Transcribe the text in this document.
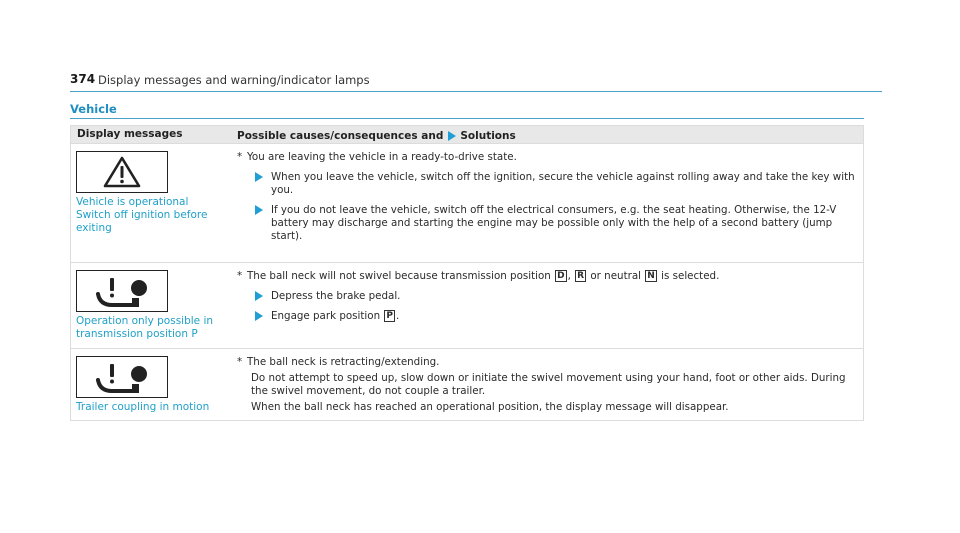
374 Display messages and warning/indicator lamps
Vehicle
Display messages	Possible causes/consequences and Solutions
Vehicle is operational
Switch off ignition before
exiting
* You are leaving the vehicle in a ready-to-drive state.
When you leave the vehicle, switch off the ignition, secure the vehicle against rolling away and take the key with you.
If you do not leave the vehicle, switch off the electrical consumers, e.g. the seat heating. Otherwise, the 12-V battery may discharge and starting the engine may be possible only with the help of a second battery (jump start).
Operation only possible in
transmission position P
* The ball neck will not swivel because transmission position D , R or neutral N is selected.
Depress the brake pedal.
Engage park position P .
Trailer coupling in motion
* The ball neck is retracting/extending.
Do not attempt to speed up, slow down or initiate the swivel movement using your hand, foot or other aids. During the swivel movement, do not couple a trailer.
When the ball neck has reached an operational position, the display message will disappear.
